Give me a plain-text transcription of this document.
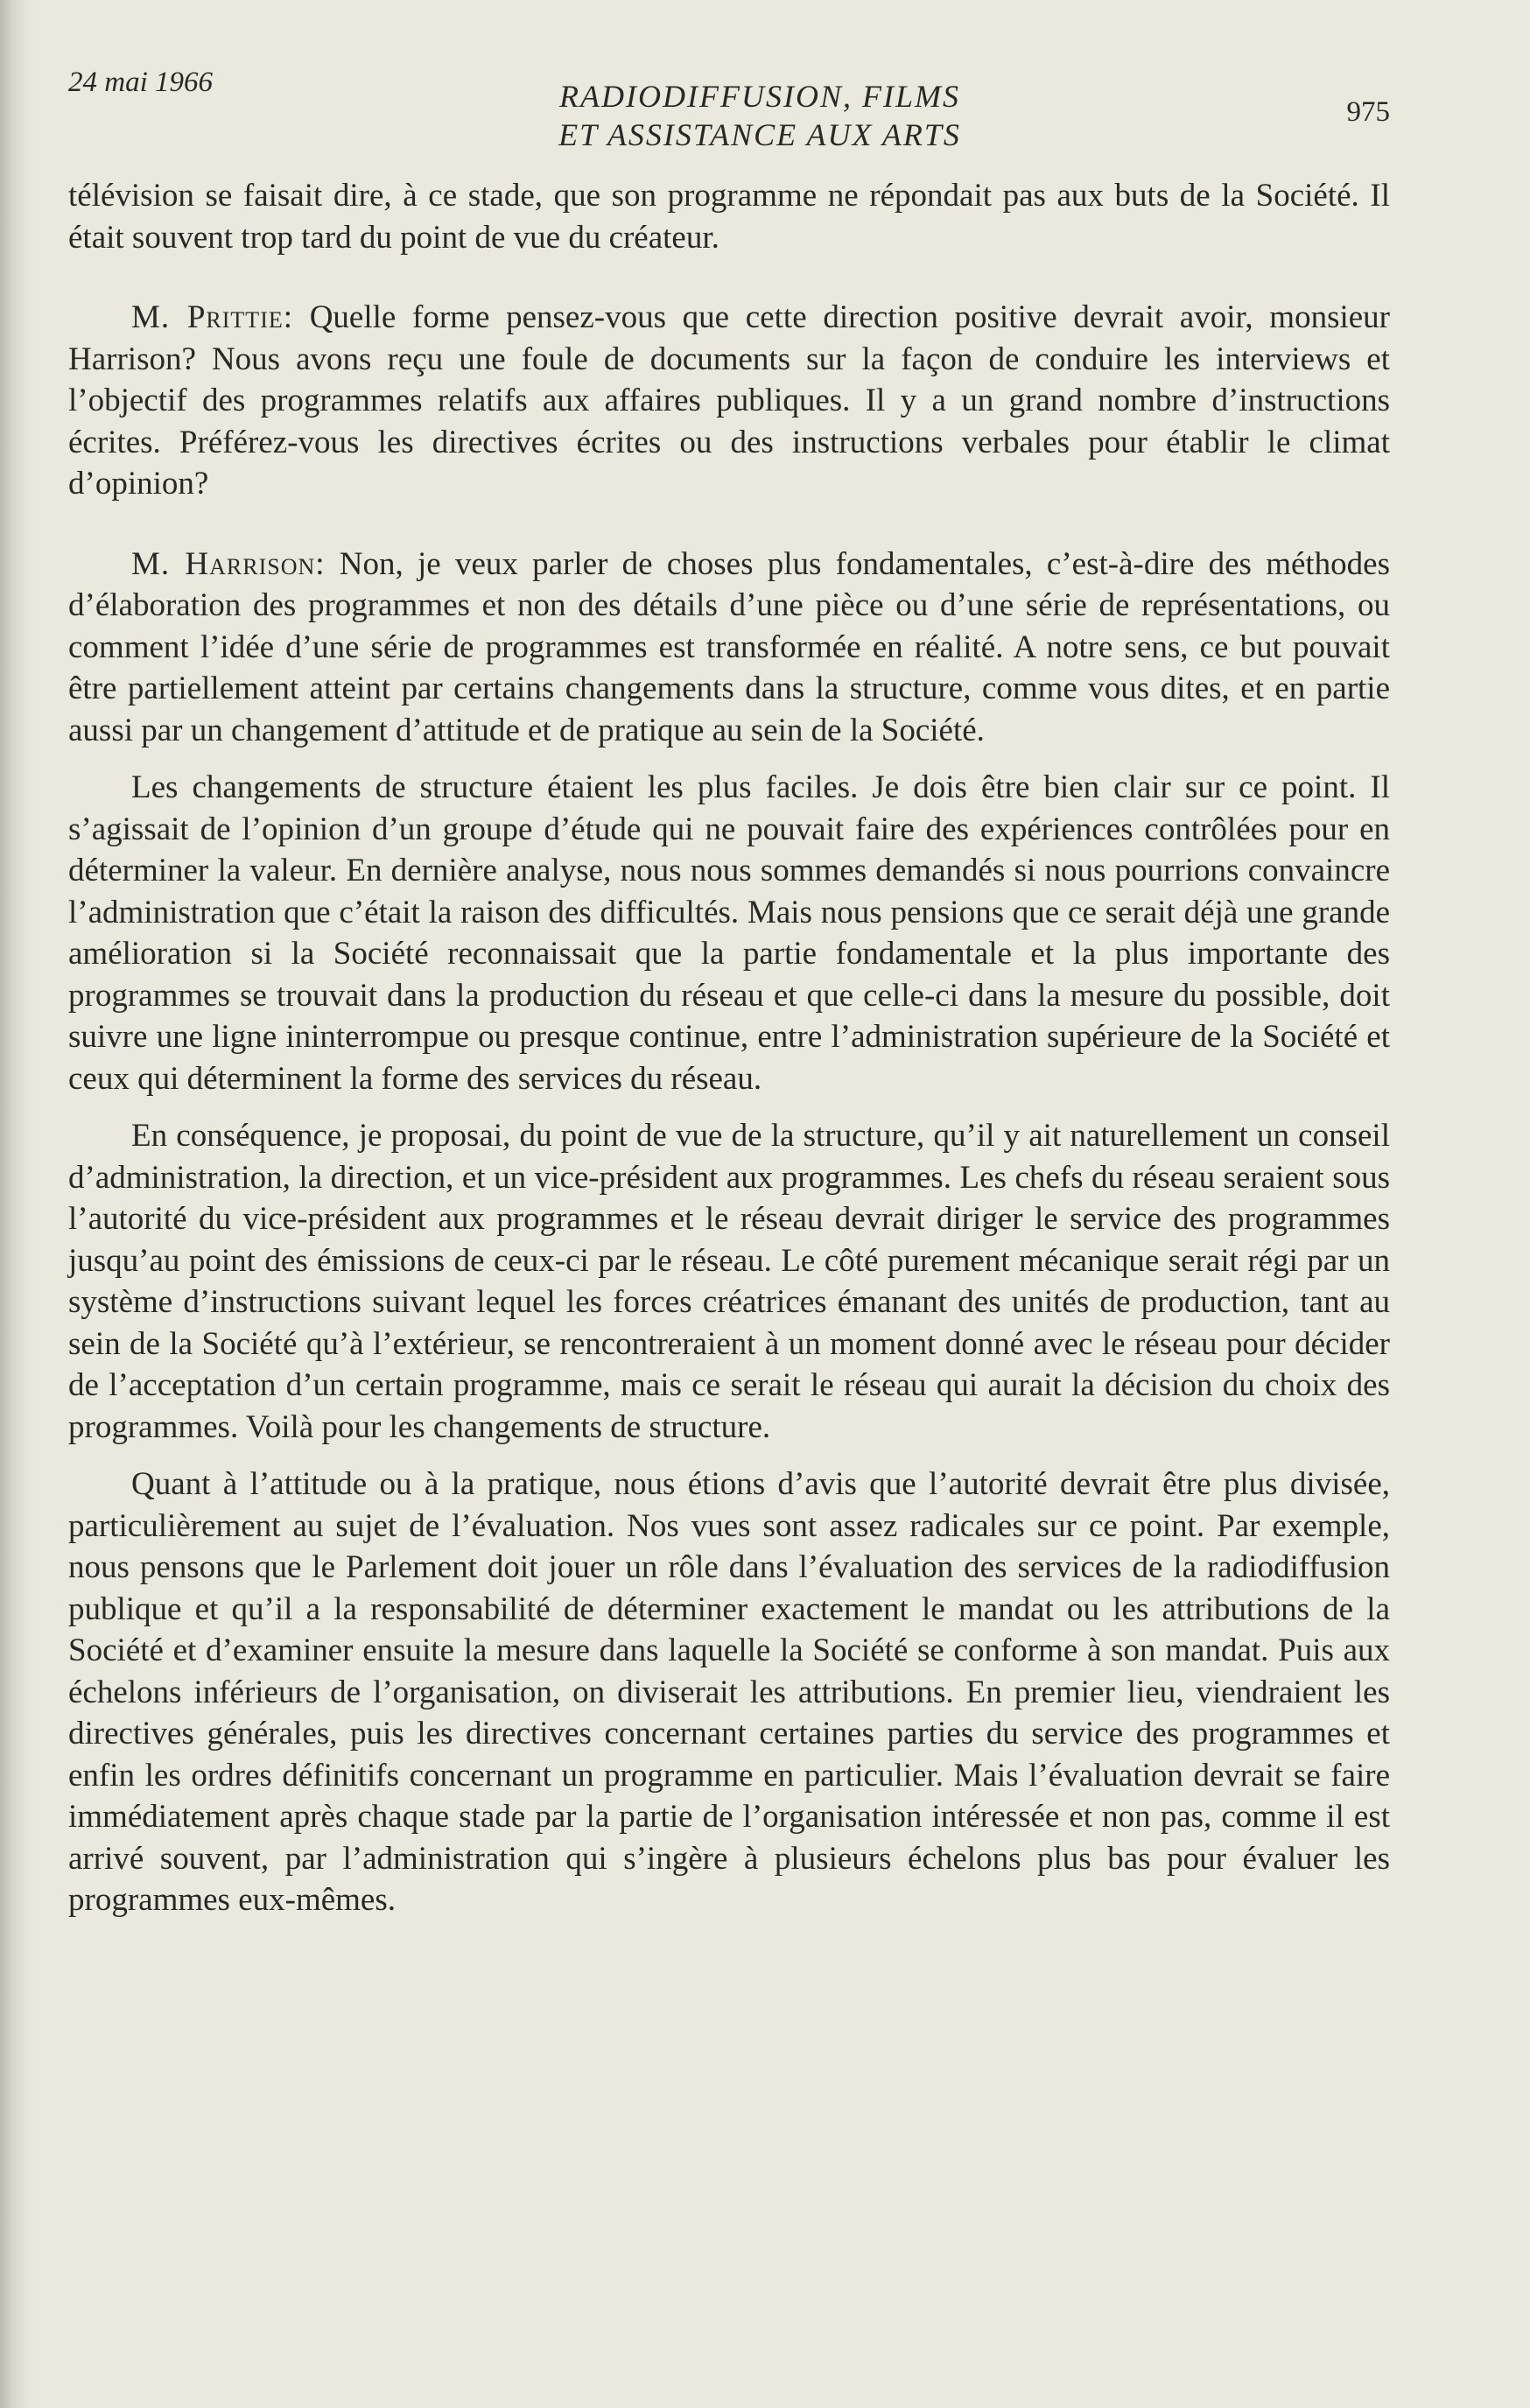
24 mai 1966	RADIODIFFUSION, FILMS
ET ASSISTANCE AUX ARTS
975

télévision se faisait dire, à ce stade, que son programme ne répondait pas aux buts de la Société. Il était souvent trop tard du point de vue du créateur.

M. Prittie: Quelle forme pensez-vous que cette direction positive devrait avoir, monsieur Harrison? Nous avons reçu une foule de documents sur la façon de conduire les interviews et l’objectif des programmes relatifs aux affaires publiques. Il y a un grand nombre d’instructions écrites. Préférez-vous les directives écrites ou des instructions verbales pour établir le climat d’opinion?

M. Harrison: Non, je veux parler de choses plus fondamentales, c’est-à-dire des méthodes d’élaboration des programmes et non des détails d’une pièce ou d’une série de représentations, ou comment l’idée d’une série de programmes est transformée en réalité. A notre sens, ce but pouvait être partiellement atteint par certains changements dans la structure, comme vous dites, et en partie aussi par un changement d’attitude et de pratique au sein de la Société.

Les changements de structure étaient les plus faciles. Je dois être bien clair sur ce point. Il s’agissait de l’opinion d’un groupe d’étude qui ne pouvait faire des expériences contrôlées pour en déterminer la valeur. En dernière analyse, nous nous sommes demandés si nous pourrions convaincre l’administration que c’était la raison des difficultés. Mais nous pensions que ce serait déjà une grande amélioration si la Société reconnaissait que la partie fondamentale et la plus importante des programmes se trouvait dans la production du réseau et que celle-ci dans la mesure du possible, doit suivre une ligne ininterrompue ou presque continue, entre l’administration supérieure de la Société et ceux qui déterminent la forme des services du réseau.

En conséquence, je proposai, du point de vue de la structure, qu’il y ait naturellement un conseil d’administration, la direction, et un vice-président aux programmes. Les chefs du réseau seraient sous l’autorité du vice-président aux programmes et le réseau devrait diriger le service des programmes jusqu’au point des émissions de ceux-ci par le réseau. Le côté purement mécanique serait régi par un système d’instructions suivant lequel les forces créatrices émanant des unités de production, tant au sein de la Société qu’à l’extérieur, se rencontreraient à un moment donné avec le réseau pour décider de l’acceptation d’un certain programme, mais ce serait le réseau qui aurait la décision du choix des programmes. Voilà pour les changements de structure.

Quant à l’attitude ou à la pratique, nous étions d’avis que l’autorité devrait être plus divisée, particulièrement au sujet de l’évaluation. Nos vues sont assez radicales sur ce point. Par exemple, nous pensons que le Parlement doit jouer un rôle dans l’évaluation des services de la radiodiffusion publique et qu’il a la responsabilité de déterminer exactement le mandat ou les attributions de la Société et d’examiner ensuite la mesure dans laquelle la Société se conforme à son mandat. Puis aux échelons inférieurs de l’organisation, on diviserait les attributions. En premier lieu, viendraient les directives générales, puis les directives concernant certaines parties du service des programmes et enfin les ordres définitifs concernant un programme en particulier. Mais l’évaluation devrait se faire immédiatement après chaque stade par la partie de l’organisation intéressée et non pas, comme il est arrivé souvent, par l’administration qui s’ingère à plusieurs échelons plus bas pour évaluer les programmes eux-mêmes.
